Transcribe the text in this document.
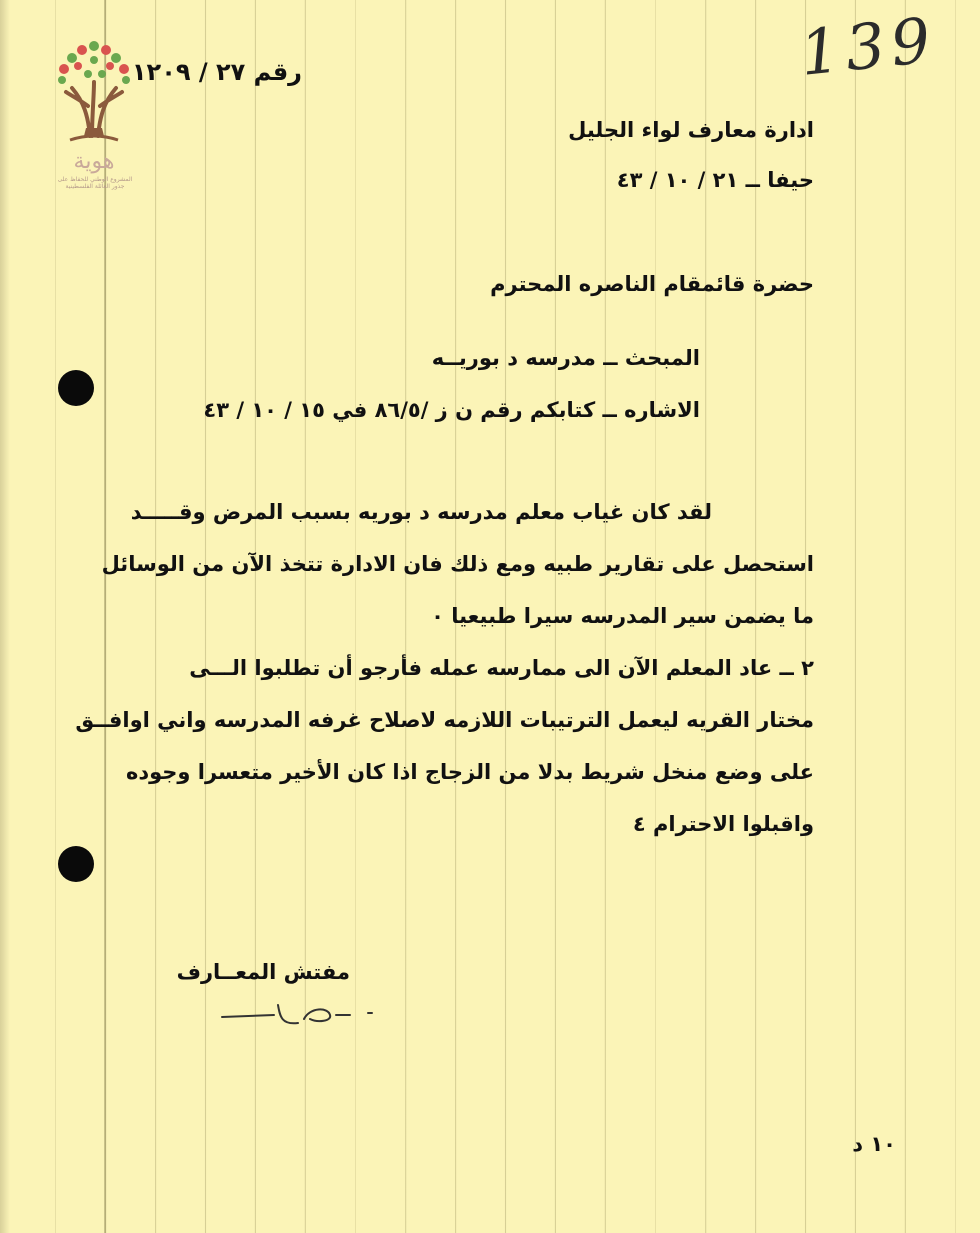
هوية
المشروع الوطني للحفاظ على
جذور العائلة الفلسطينية
139
رقم ٢٧ / ١٢٠٩
ادارة معارف لواء الجليل
حيفا ــ ٢١ / ١٠ / ٤٣
حضرة قائمقام الناصره المحترم
المبحث ــ مدرسه د بوريــه
الاشاره ــ كتابكم رقم ن ز /٨٦/٥ في ١٥ / ١٠ / ٤٣
لقد كان غياب معلم مدرسه د بوريه بسبب المرض وقـــــد
استحصل على تقارير طبيه ومع ذلك فان الادارة تتخذ الآن من الوسائل
ما يضمن سير المدرسه سيرا طبيعيا ٠
٢ ــ عاد المعلم الآن الى ممارسه عمله فأرجو أن تطلبوا الـــى
مختار القريه ليعمل الترتيبات اللازمه لاصلاح غرفه المدرسه واني اوافــق
على وضع منخل شريط بدلا من الزجاج اذا كان الأخير متعسرا وجوده
واقبلوا الاحترام ٤
مفتش المعــارف
١٠ د
